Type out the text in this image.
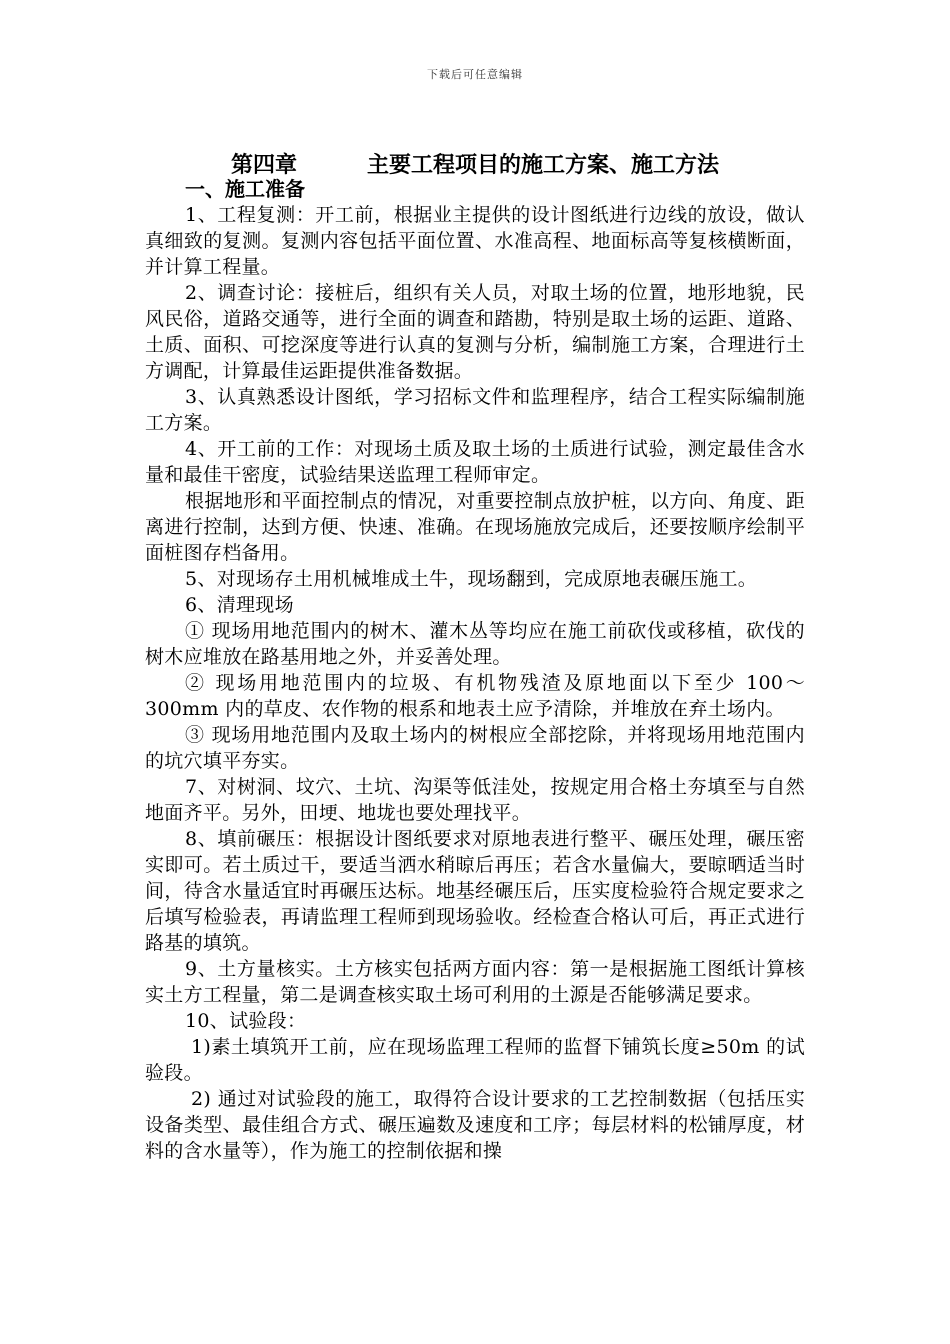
下载后可任意编辑
第四章	主要工程项目的施工方案、施工方法
一、施工准备

1、工程复测：开工前，根据业主提供的设计图纸进行边线的放设，做认真细致的复测。复测内容包括平面位置、水准高程、地面标高等复核横断面，并计算工程量。

2、调查讨论：接桩后，组织有关人员，对取土场的位置，地形地貌，民风民俗，道路交通等，进行全面的调查和踏勘，特别是取土场的运距、道路、土质、面积、可挖深度等进行认真的复测与分析，编制施工方案，合理进行土方调配，计算最佳运距提供准备数据。

3、认真熟悉设计图纸，学习招标文件和监理程序，结合工程实际编制施工方案。

4、开工前的工作：对现场土质及取土场的土质进行试验，测定最佳含水量和最佳干密度，试验结果送监理工程师审定。

根据地形和平面控制点的情况，对重要控制点放护桩，以方向、角度、距离进行控制，达到方便、快速、准确。在现场施放完成后，还要按顺序绘制平面桩图存档备用。

5、对现场存土用机械堆成土牛，现场翻到，完成原地表碾压施工。

6、清理现场

① 现场用地范围内的树木、灌木丛等均应在施工前砍伐或移植，砍伐的树木应堆放在路基用地之外，并妥善处理。

② 现场用地范围内的垃圾、有机物残渣及原地面以下至少 100～300mm 内的草皮、农作物的根系和地表土应予清除，并堆放在弃土场内。

③ 现场用地范围内及取土场内的树根应全部挖除，并将现场用地范围内的坑穴填平夯实。

7、对树洞、坟穴、土坑、沟渠等低洼处，按规定用合格土夯填至与自然地面齐平。另外，田埂、地垅也要处理找平。

8、填前碾压：根据设计图纸要求对原地表进行整平、碾压处理，碾压密实即可。若土质过干，要适当洒水稍晾后再压；若含水量偏大，要晾晒适当时间，待含水量适宜时再碾压达标。地基经碾压后，压实度检验符合规定要求之后填写检验表，再请监理工程师到现场验收。经检查合格认可后，再正式进行路基的填筑。

9、土方量核实。土方核实包括两方面内容：第一是根据施工图纸计算核实土方工程量，第二是调查核实取土场可利用的土源是否能够满足要求。

10、试验段：

1)素土填筑开工前，应在现场监理工程师的监督下铺筑长度≥50m 的试验段。

2) 通过对试验段的施工，取得符合设计要求的工艺控制数据（包括压实设备类型、最佳组合方式、碾压遍数及速度和工序；每层材料的松铺厚度，材料的含水量等），作为施工的控制依据和操
